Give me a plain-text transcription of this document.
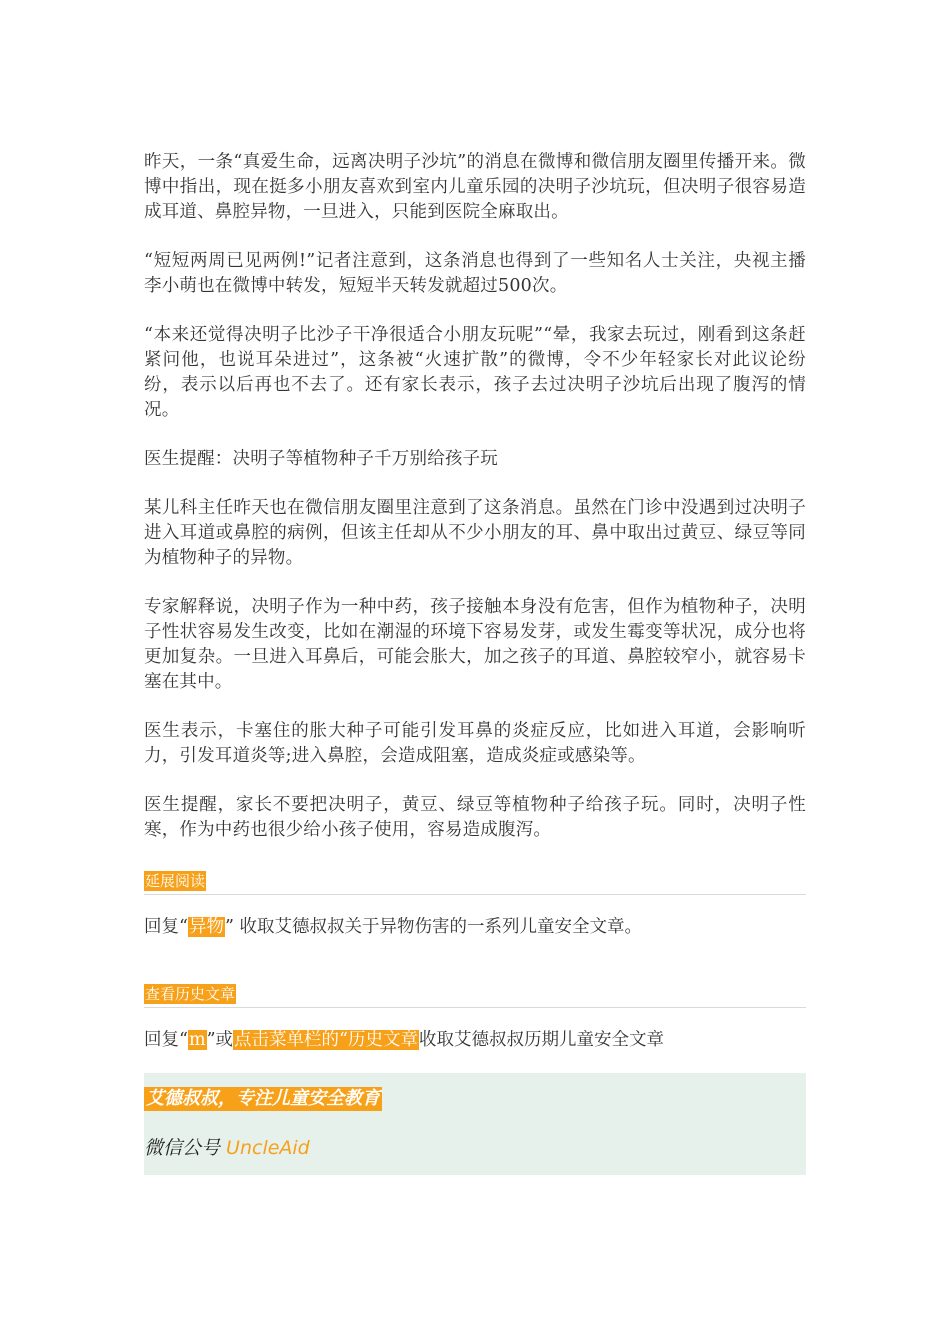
昨天，一条“真爱生命，远离决明子沙坑”的消息在微博和微信朋友圈里传播开来。微博中指出，现在挺多小朋友喜欢到室内儿童乐园的决明子沙坑玩，但决明子很容易造成耳道、鼻腔异物，一旦进入，只能到医院全麻取出。

“短短两周已见两例!”记者注意到，这条消息也得到了一些知名人士关注，央视主播李小萌也在微博中转发，短短半天转发就超过500次。

“本来还觉得决明子比沙子干净很适合小朋友玩呢”“晕，我家去玩过，刚看到这条赶紧问他，也说耳朵进过”，这条被“火速扩散”的微博，令不少年轻家长对此议论纷纷，表示以后再也不去了。还有家长表示，孩子去过决明子沙坑后出现了腹泻的情况。

医生提醒：决明子等植物种子千万别给孩子玩

某儿科主任昨天也在微信朋友圈里注意到了这条消息。虽然在门诊中没遇到过决明子进入耳道或鼻腔的病例，但该主任却从不少小朋友的耳、鼻中取出过黄豆、绿豆等同为植物种子的异物。

专家解释说，决明子作为一种中药，孩子接触本身没有危害，但作为植物种子，决明子性状容易发生改变，比如在潮湿的环境下容易发芽，或发生霉变等状况，成分也将更加复杂。一旦进入耳鼻后，可能会胀大，加之孩子的耳道、鼻腔较窄小，就容易卡塞在其中。

医生表示，卡塞住的胀大种子可能引发耳鼻的炎症反应，比如进入耳道，会影响听力，引发耳道炎等;进入鼻腔，会造成阻塞，造成炎症或感染等。

医生提醒，家长不要把决明子，黄豆、绿豆等植物种子给孩子玩。同时，决明子性寒，作为中药也很少给小孩子使用，容易造成腹泻。

延展阅读

回复“异物” 收取艾德叔叔关于异物伤害的一系列儿童安全文章。

查看历史文章

回复“m”或点击菜单栏的“历史文章收取艾德叔叔历期儿童安全文章

艾德叔叔，专注儿童安全教育
微信公号 UncleAid
